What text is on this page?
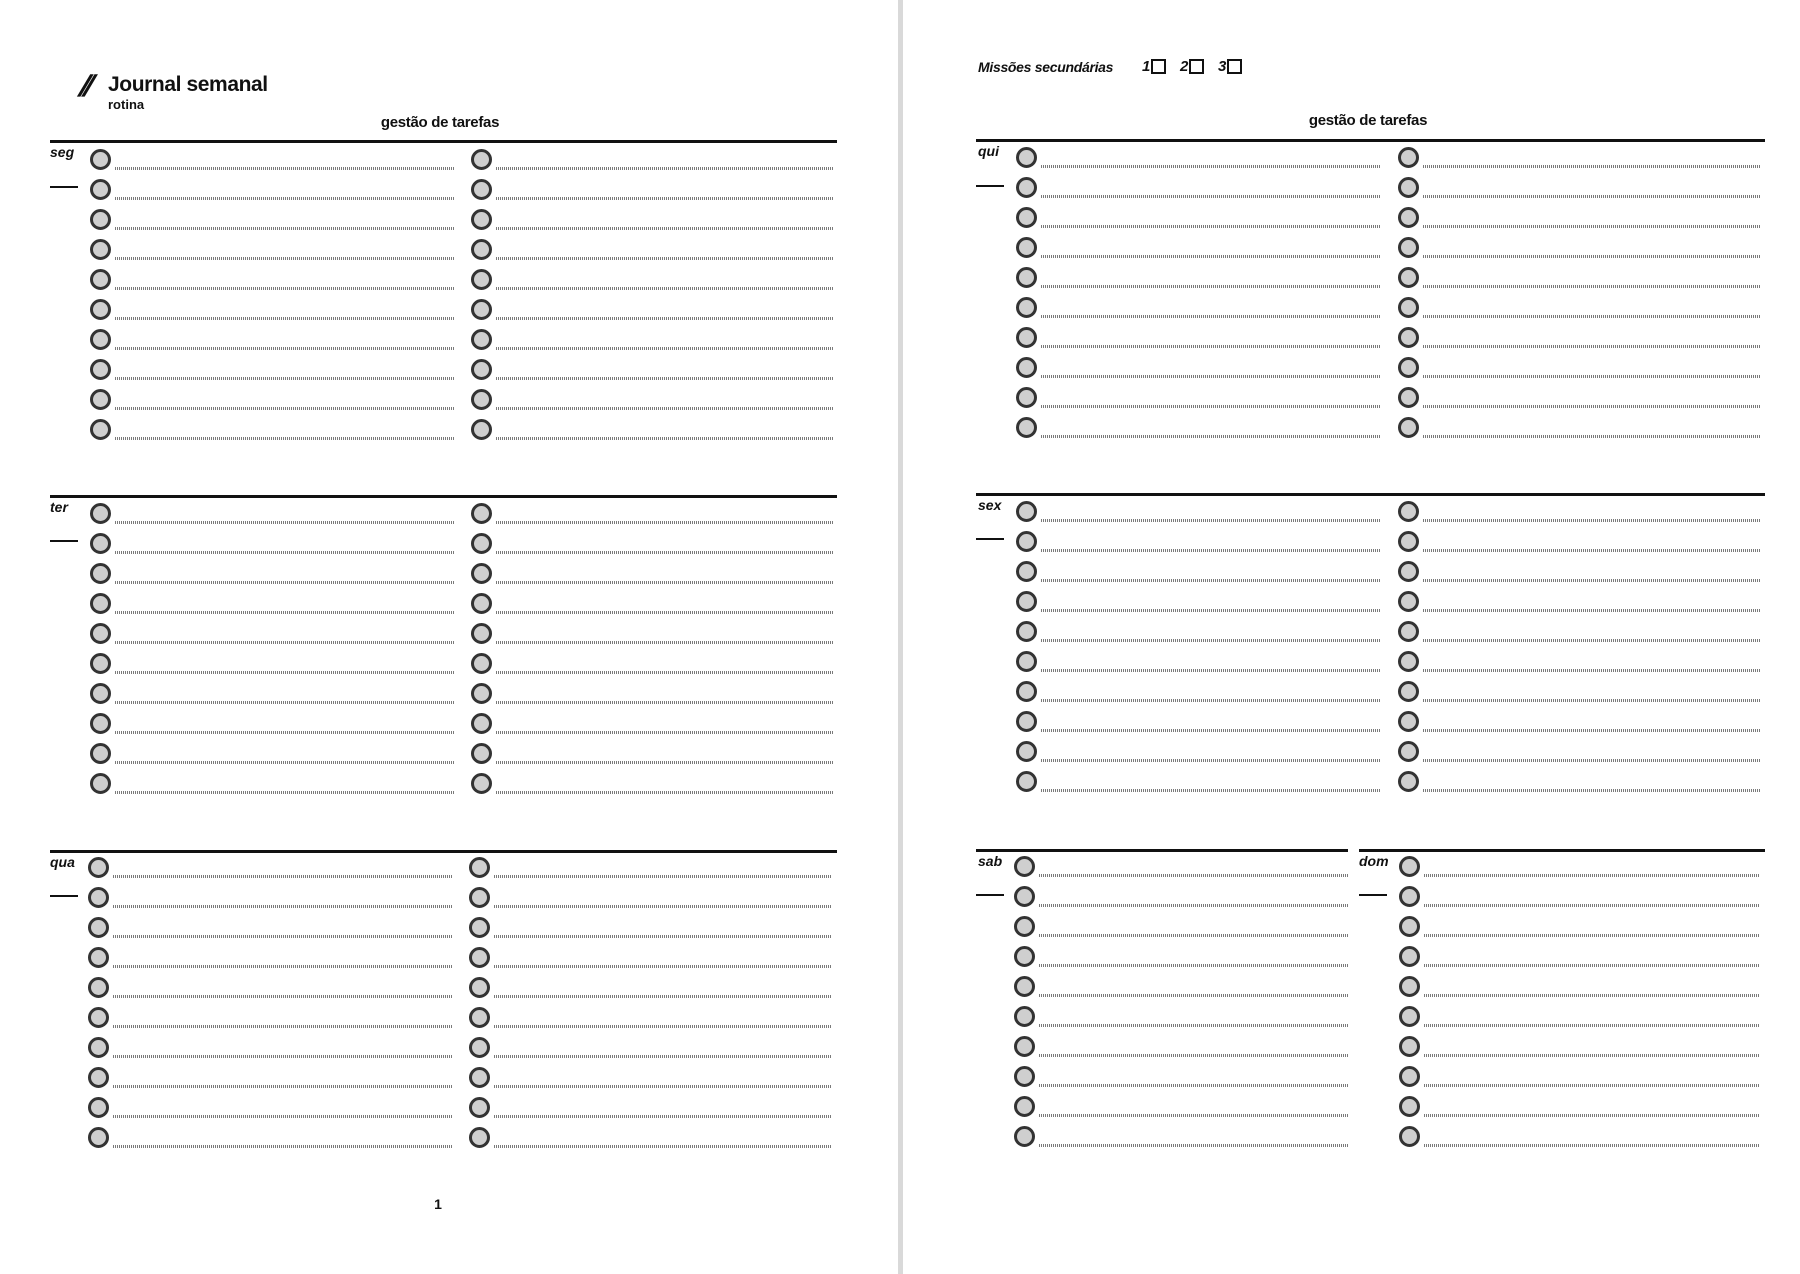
// Journal semanal
rotina
gestão de tarefas
Missões secundárias 1 2 3
gestão de tarefas
seg
ter
qua
1
qui
sex
sab	dom
